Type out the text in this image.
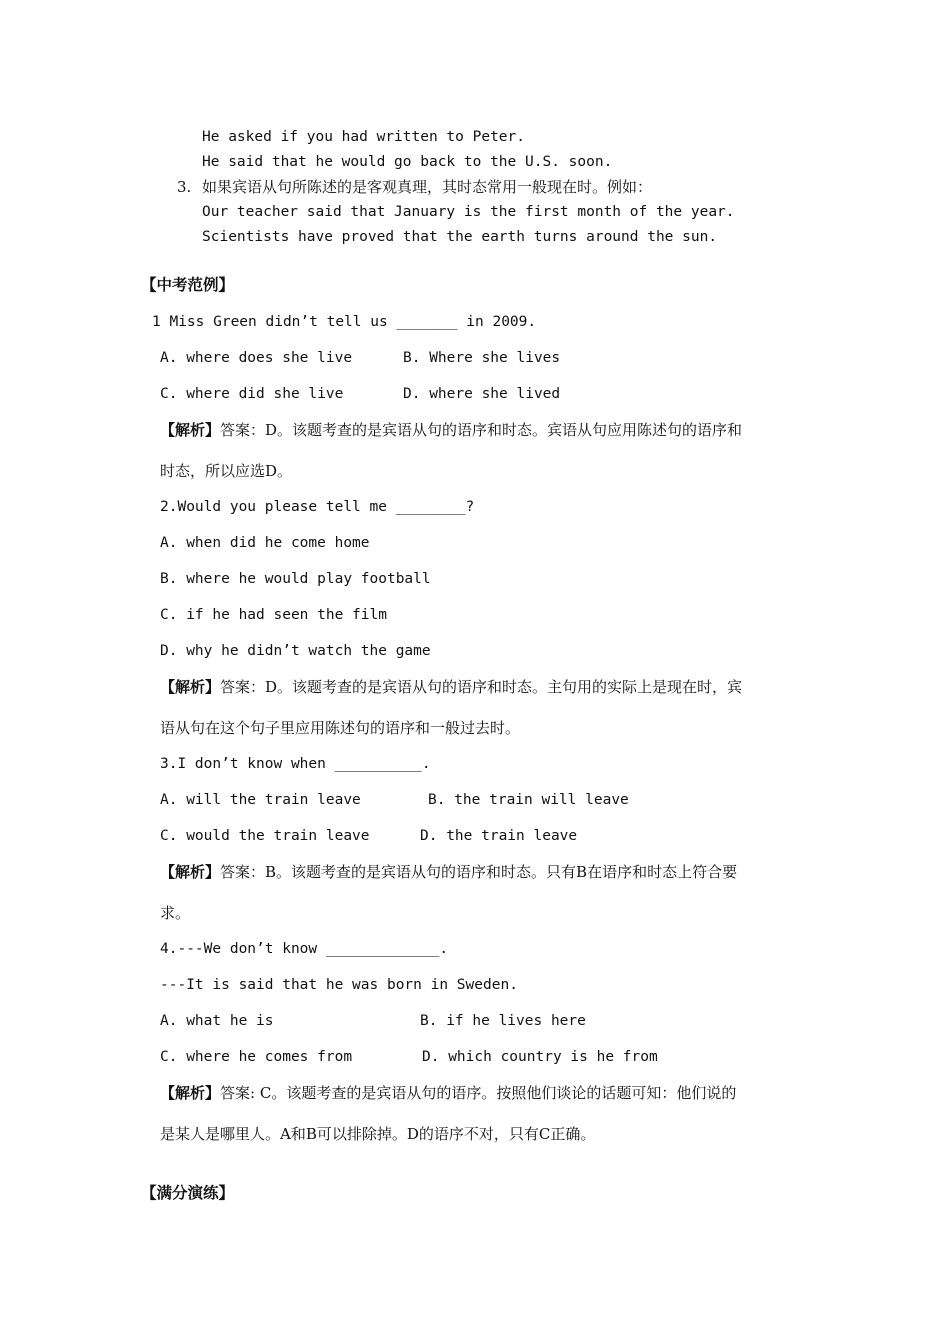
He asked if you had written to Peter.
He said that he would go back to the U.S. soon.
3. 如果宾语从句所陈述的是客观真理，其时态常用一般现在时。例如：
Our teacher said that January is the first month of the year.
Scientists have proved that the earth turns around the sun.
【中考范例】
1 Miss Green didn’t tell us _______ in 2009.
A. where does she live	B. Where she lives
C. where did she live	D. where she lived
【解析】答案：D。该题考查的是宾语从句的语序和时态。宾语从句应用陈述句的语序和
时态，所以应选D。
2.Would you please tell me ________?
A. when did he come home
B. where he would play football
C. if he had seen the film
D. why he didn’t watch the game
【解析】答案：D。该题考查的是宾语从句的语序和时态。主句用的实际上是现在时，宾
语从句在这个句子里应用陈述句的语序和一般过去时。
3.I don’t know when __________.
A. will the train leave	B. the train will leave
C. would the train leave	D. the train leave
【解析】答案：B。该题考查的是宾语从句的语序和时态。只有B在语序和时态上符合要
求。
4.---We don’t know _____________.
---It is said that he was born in Sweden.
A. what he is	B. if he lives here
C. where he comes from	D. which country is he from
【解析】答案: C。该题考查的是宾语从句的语序。按照他们谈论的话题可知：他们说的
是某人是哪里人。A和B可以排除掉。D的语序不对，只有C正确。
【满分演练】
